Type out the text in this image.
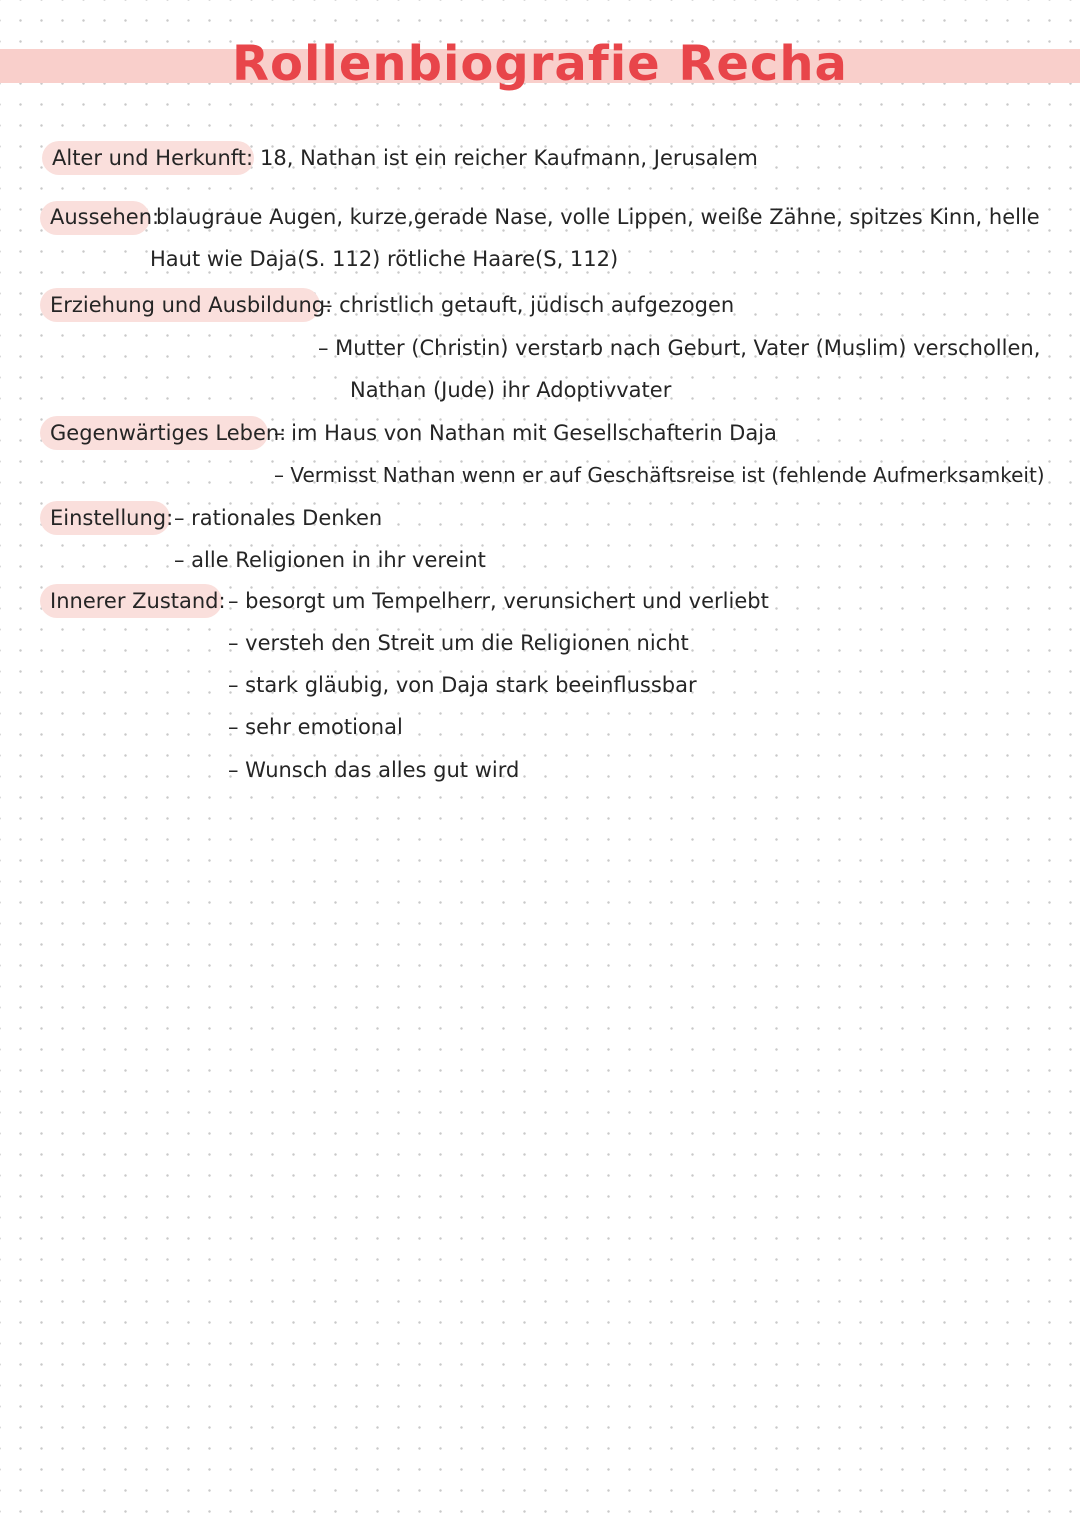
Rollenbiografie Recha
Alter und Herkunft: 18, Nathan ist ein reicher Kaufmann, Jerusalem
Aussehen:
blaugraue Augen, kurze,gerade Nase, volle Lippen, weiße Zähne, spitzes Kinn, helle
Haut wie Daja(S. 112) rötliche Haare(S, 112)
Erziehung und Ausbildung:
– christlich getauft, jüdisch aufgezogen
– Mutter (Christin) verstarb nach Geburt, Vater (Muslim) verschollen,
Nathan (Jude) ihr Adoptivvater
Gegenwärtiges Leben:
– im Haus von Nathan mit Gesellschafterin Daja
– Vermisst Nathan wenn er auf Geschäftsreise ist (fehlende Aufmerksamkeit)
Einstellung: – rationales Denken
– alle Religionen in ihr vereint
Innerer Zustand: – besorgt um Tempelherr, verunsichert und verliebt
– versteh den Streit um die Religionen nicht
– stark gläubig, von Daja stark beeinflussbar
– sehr emotional
– Wunsch das alles gut wird
